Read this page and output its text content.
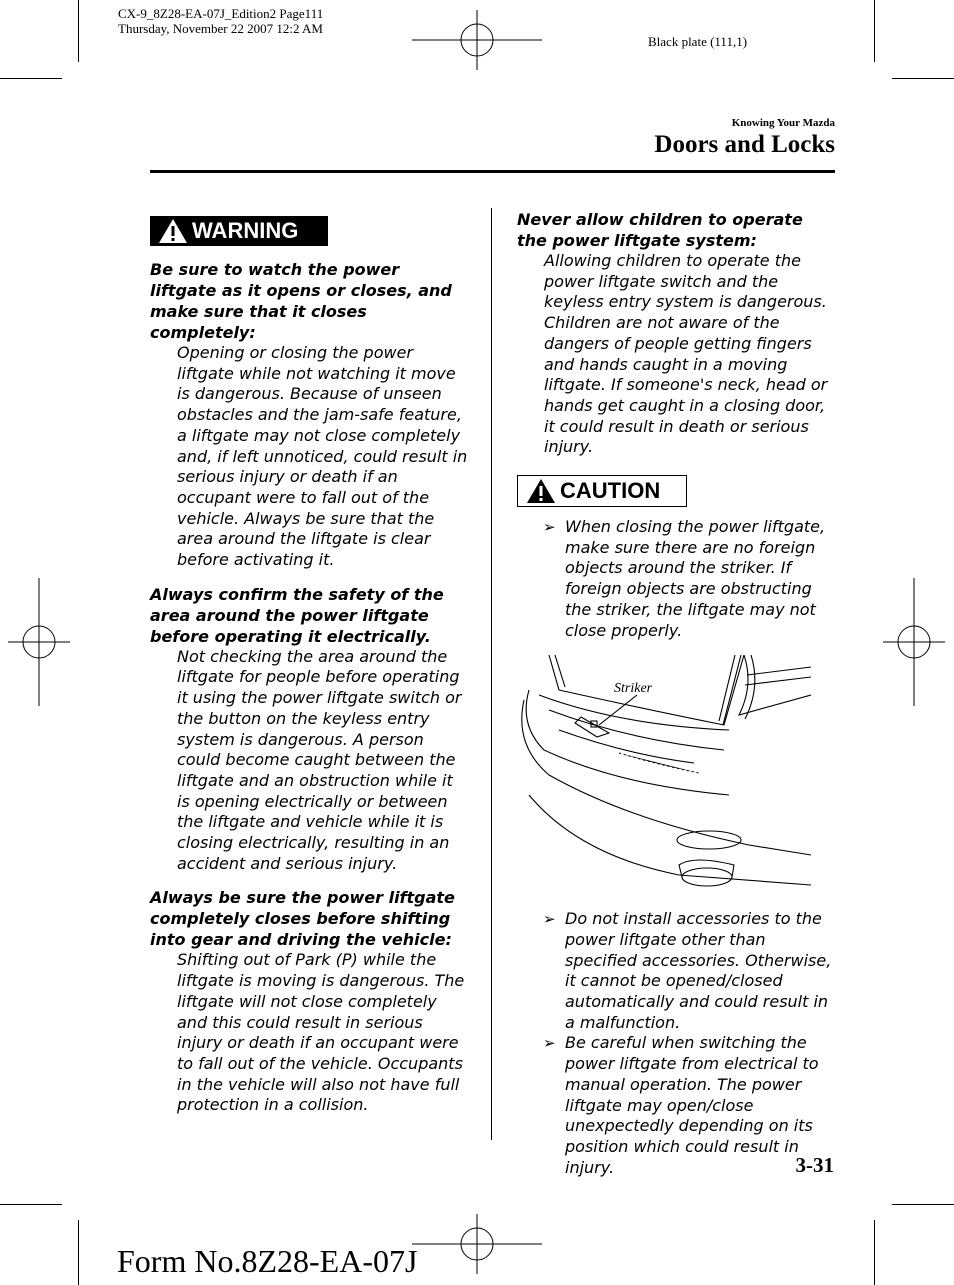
CX-9_8Z28-EA-07J_Edition2 Page111
Thursday, November 22 2007 12:2 AM
Black plate (111,1)
Knowing Your Mazda
Doors and Locks
WARNING

Be sure to watch the power liftgate as it opens or closes, and make sure that it closes completely:

Opening or closing the power liftgate while not watching it move is dangerous. Because of unseen obstacles and the jam-safe feature, a liftgate may not close completely and, if left unnoticed, could result in serious injury or death if an occupant were to fall out of the vehicle. Always be sure that the area around the liftgate is clear before activating it.

Always confirm the safety of the area around the power liftgate before operating it electrically.

Not checking the area around the liftgate for people before operating it using the power liftgate switch or the button on the keyless entry system is dangerous. A person could become caught between the liftgate and an obstruction while it is opening electrically or between the liftgate and vehicle while it is closing electrically, resulting in an accident and serious injury.

Always be sure the power liftgate completely closes before shifting into gear and driving the vehicle:

Shifting out of Park (P) while the liftgate is moving is dangerous. The liftgate will not close completely and this could result in serious injury or death if an occupant were to fall out of the vehicle. Occupants in the vehicle will also not have full protection in a collision.

Never allow children to operate the power liftgate system:

Allowing children to operate the power liftgate switch and the keyless entry system is dangerous. Children are not aware of the dangers of people getting fingers and hands caught in a moving liftgate. If someone's neck, head or hands get caught in a closing door, it could result in death or serious injury.

CAUTION

➢ When closing the power liftgate, make sure there are no foreign objects around the striker. If foreign objects are obstructing the striker, the liftgate may not close properly.

Striker

➢ Do not install accessories to the power liftgate other than specified accessories. Otherwise, it cannot be opened/closed automatically and could result in a malfunction.

➢ Be careful when switching the power liftgate from electrical to manual operation. The power liftgate may open/close unexpectedly depending on its position which could result in injury.	3-31
Form No.8Z28-EA-07J
